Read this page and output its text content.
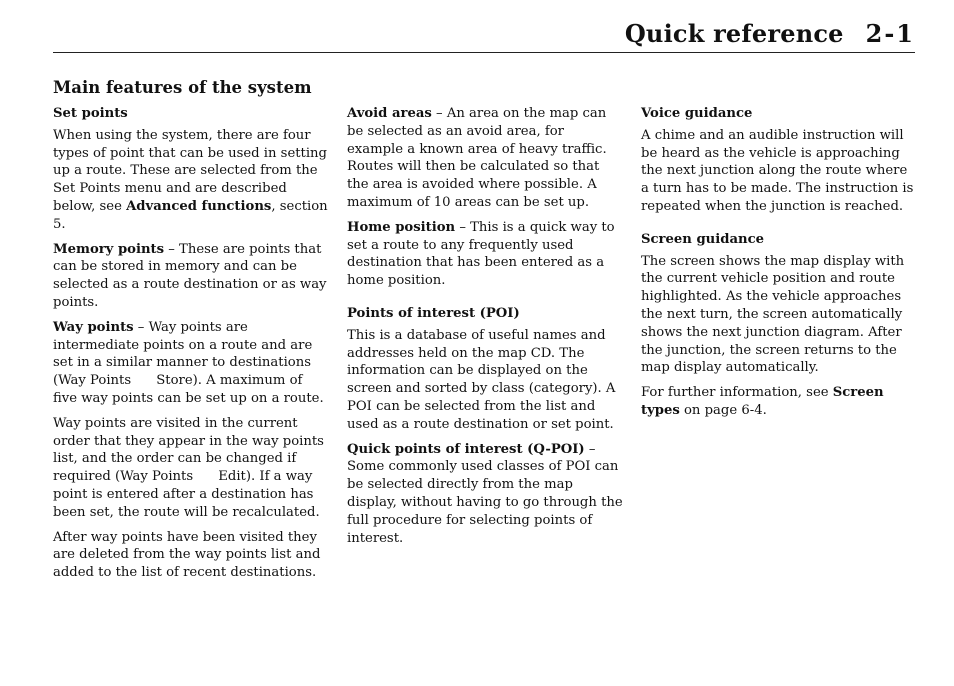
Quick reference 2-1
Main features of the system
Set points

When using the system, there are four types of point that can be used in setting up a route. These are selected from the Set Points menu and are described below, see Advanced functions, section 5.

Memory points – These are points that can be stored in memory and can be selected as a route destination or as way points.

Way points – Way points are intermediate points on a route and are set in a similar manner to destinations (Way Points      Store). A maximum of five way points can be set up on a route.

Way points are visited in the current order that they appear in the way points list, and the order can be changed if required (Way Points      Edit). If a way point is entered after a destination has been set, the route will be recalculated.

After way points have been visited they are deleted from the way points list and added to the list of recent destinations.

Avoid areas – An area on the map can be selected as an avoid area, for example a known area of heavy traffic. Routes will then be calculated so that the area is avoided where possible. A maximum of 10 areas can be set up.

Home position – This is a quick way to set a route to any frequently used destination that has been entered as a home position.

Points of interest (POI)

This is a database of useful names and addresses held on the map CD. The information can be displayed on the screen and sorted by class (category). A POI can be selected from the list and used as a route destination or set point.

Quick points of interest (Q-POI) – Some commonly used classes of POI can be selected directly from the map display, without having to go through the full procedure for selecting points of interest.

Voice guidance

A chime and an audible instruction will be heard as the vehicle is approaching the next junction along the route where a turn has to be made. The instruction is repeated when the junction is reached.

Screen guidance

The screen shows the map display with the current vehicle position and route highlighted. As the vehicle approaches the next turn, the screen automatically shows the next junction diagram. After the junction, the screen returns to the map display automatically.

For further information, see Screen types on page 6-4.
